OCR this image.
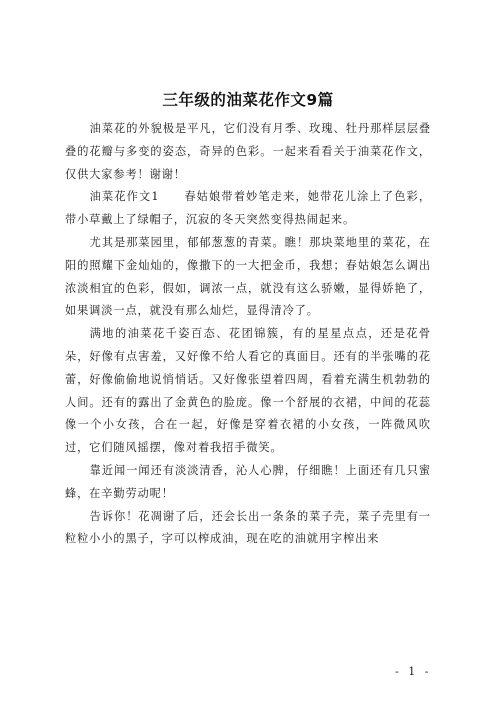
三年级的油菜花作文9篇

油菜花的外貌极是平凡，它们没有月季、玫瑰、牡丹那样层层叠叠的花瓣与多变的姿态，奇异的色彩。一起来看看关于油菜花作文，仅供大家参考！谢谢！

油菜花作文1　　春姑娘带着妙笔走来，她带花儿涂上了色彩，带小草戴上了绿帽子，沉寂的冬天突然变得热闹起来。

尤其是那菜园里，郁郁葱葱的青菜。瞧！那块菜地里的菜花，在阳的照耀下金灿灿的，像撒下的一大把金币，我想；春姑娘怎么调出浓淡相宜的色彩，假如，调浓一点，就没有这么骄嫩，显得娇艳了，如果调淡一点，就没有那么灿烂，显得清冷了。

满地的油菜花千姿百态、花团锦簇，有的星星点点，还是花骨朵，好像有点害羞，又好像不给人看它的真面目。还有的半张嘴的花蕾，好像偷偷地说悄悄话。又好像张望着四周，看着充满生机勃勃的人间。还有的露出了金黄色的脸庞。像一个舒展的衣裙，中间的花蕊像一个小女孩，合在一起，好像是穿着衣裙的小女孩，一阵微风吹过，它们随风摇摆，像对着我招手微笑。

靠近闻一闻还有淡淡清香，沁人心脾，仔细瞧！上面还有几只蜜蜂，在辛勤劳动呢！

告诉你！花凋谢了后，还会长出一条条的菜子壳，菜子壳里有一粒粒小小的黑子，字可以榨成油，现在吃的油就用字榨出来

- 1 -
